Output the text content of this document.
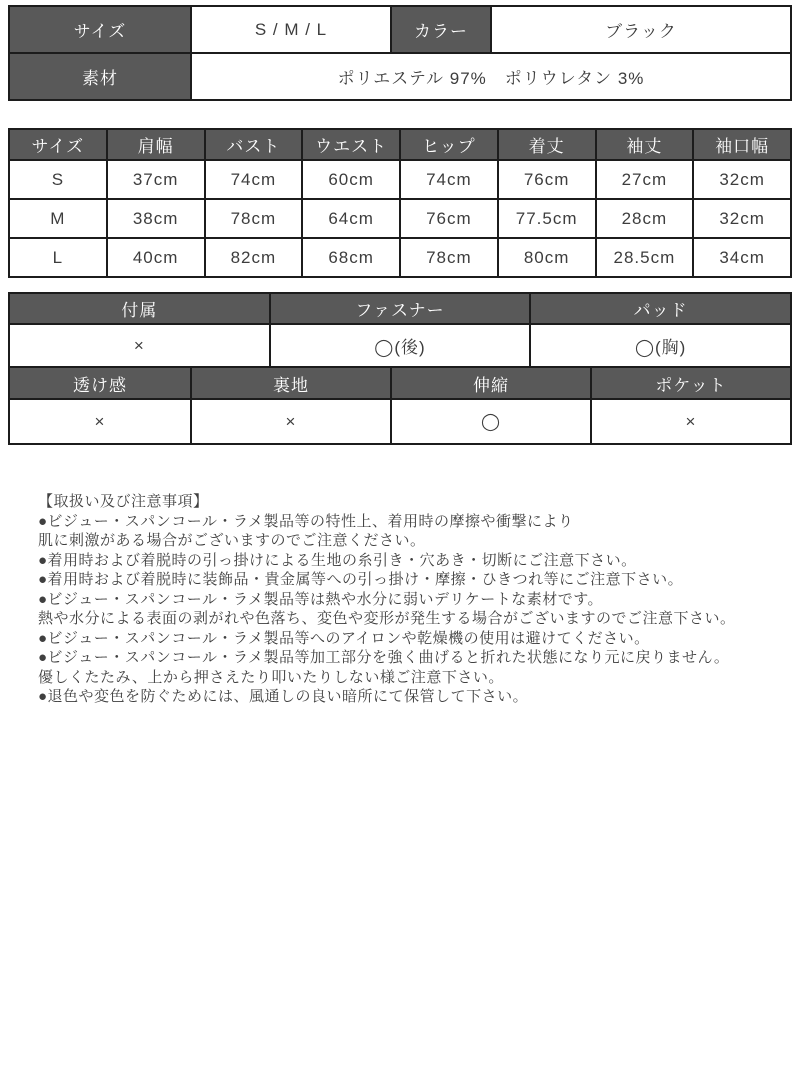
サイズ	S / M / L	カラー	ブラック
素材	ポリエステル 97%　ポリウレタン 3%		
サイズ	肩幅	バスト	ウエスト	ヒップ	着丈	袖丈	袖口幅
S	37cm	74cm	60cm	74cm	76cm	27cm	32cm
M	38cm	78cm	64cm	76cm	77.5cm	28cm	32cm
L	40cm	82cm	68cm	78cm	80cm	28.5cm	34cm
付属	ファスナー	パッド
×	◯(後)	◯(胸)
透け感	裏地	伸縮	ポケット
×	×	◯	×
【取扱い及び注意事項】
●ビジュー・スパンコール・ラメ製品等の特性上、着用時の摩擦や衝撃により
肌に刺激がある場合がございますのでご注意ください。
●着用時および着脱時の引っ掛けによる生地の糸引き・穴あき・切断にご注意下さい。
●着用時および着脱時に装飾品・貴金属等への引っ掛け・摩擦・ひきつれ等にご注意下さい。
●ビジュー・スパンコール・ラメ製品等は熱や水分に弱いデリケートな素材です。
熱や水分による表面の剥がれや色落ち、変色や変形が発生する場合がございますのでご注意下さい。
●ビジュー・スパンコール・ラメ製品等へのアイロンや乾燥機の使用は避けてください。
●ビジュー・スパンコール・ラメ製品等加工部分を強く曲げると折れた状態になり元に戻りません。
優しくたたみ、上から押さえたり叩いたりしない様ご注意下さい。
●退色や変色を防ぐためには、風通しの良い暗所にて保管して下さい。
